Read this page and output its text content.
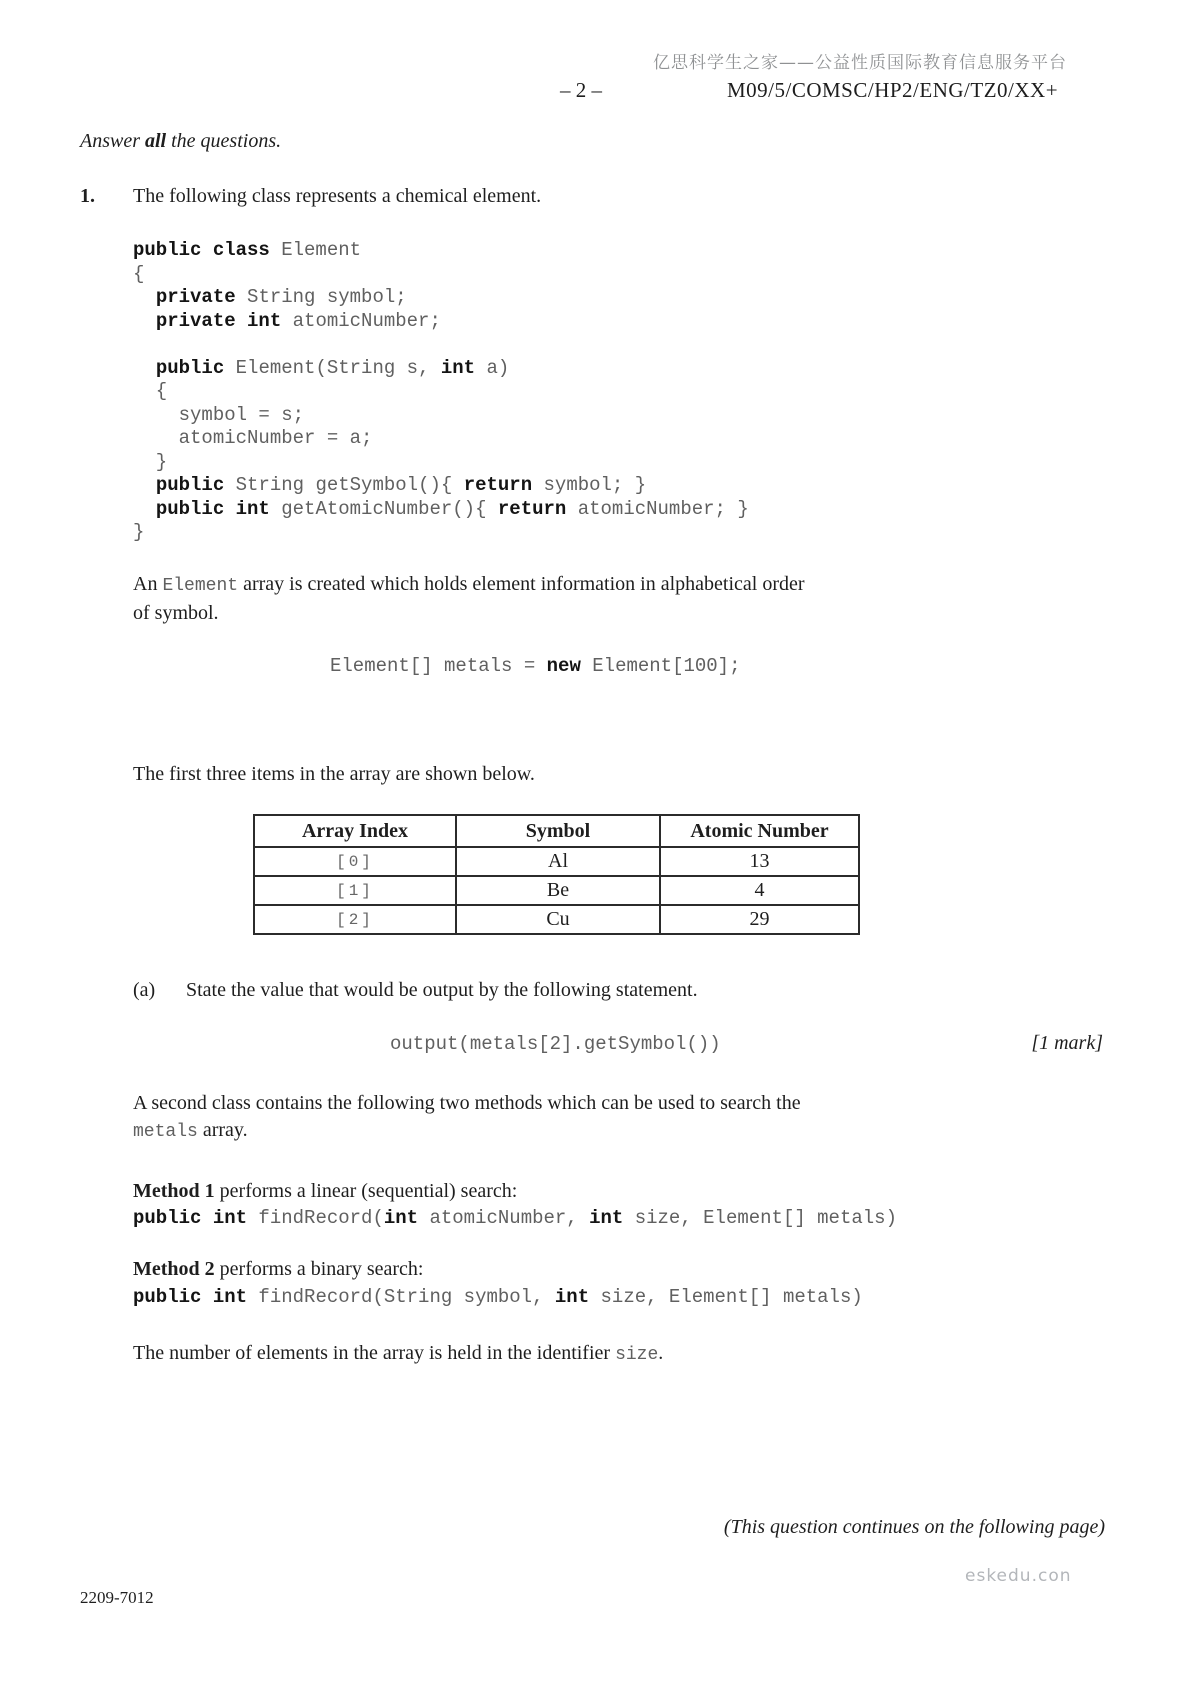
亿思科学生之家——公益性质国际教育信息服务平台
– 2 –	M09/5/COMSC/HP2/ENG/TZ0/XX+
Answer all the questions.
1. The following class represents a chemical element.
public class Element
{
private String symbol;
private int atomicNumber;
public Element(String s, int a)
{
symbol = s;
atomicNumber = a;
}
public String getSymbol(){ return symbol; }
public int getAtomicNumber(){ return atomicNumber; }
}
An Element array is created which holds element information in alphabetical order
of symbol.
Element[] metals = new Element[100];
The first three items in the array are shown below.
Array Index	Symbol	Atomic Number
[0]	Al	13
[1]	Be	4
[2]	Cu	29
(a) State the value that would be output by the following statement.
output(metals[2].getSymbol())	[1 mark]
A second class contains the following two methods which can be used to search the
metals array.
Method 1 performs a linear (sequential) search:
public int findRecord(int atomicNumber, int size, Element[] metals)
Method 2 performs a binary search:
public int findRecord(String symbol, int size, Element[] metals)
The number of elements in the array is held in the identifier size.
(This question continues on the following page)
eskedu.con
2209-7012
